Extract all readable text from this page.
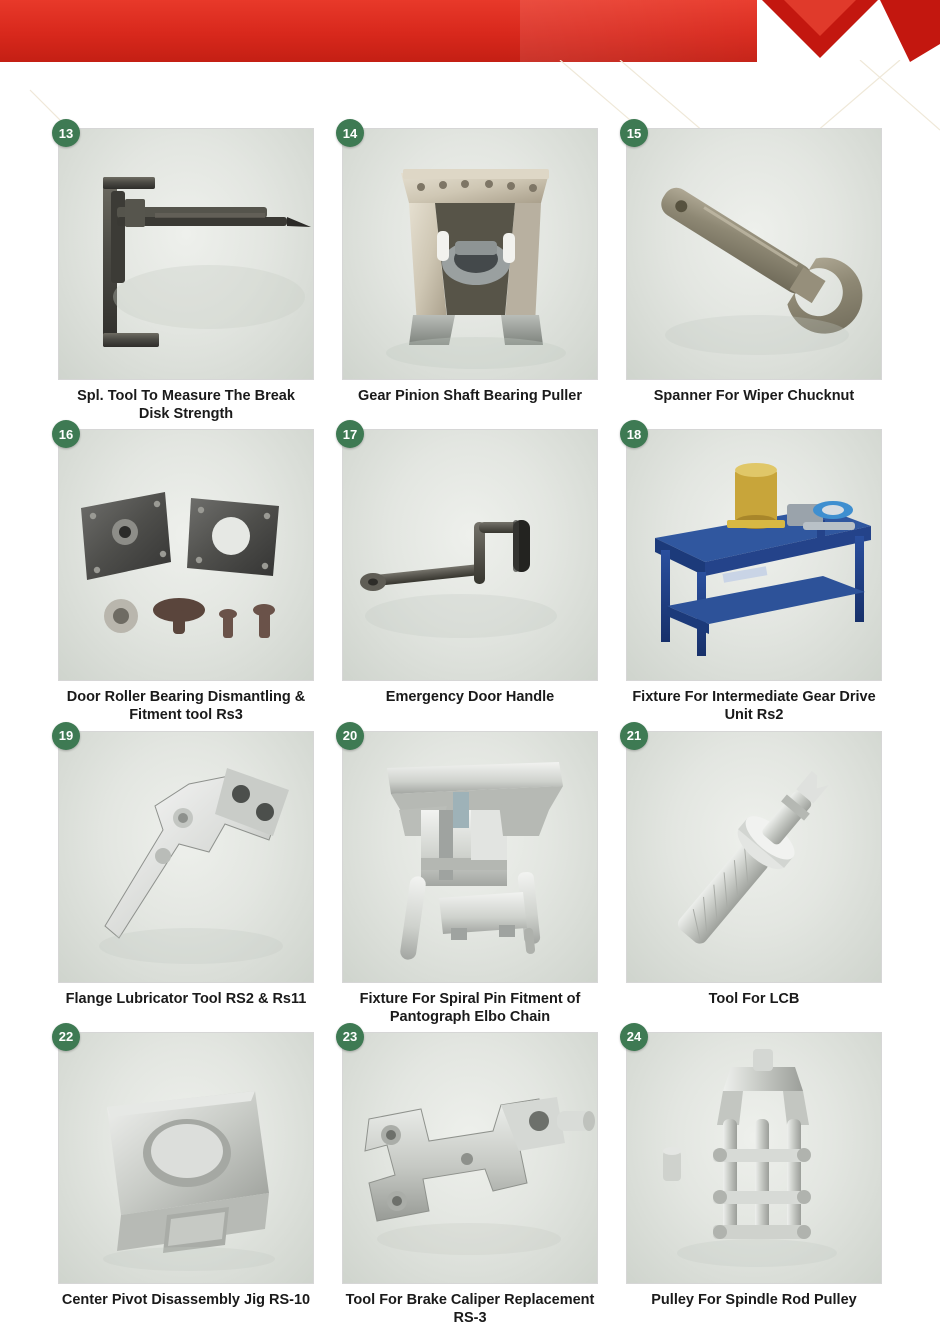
13
Spl. Tool To Measure The Break Disk Strength
14
Gear Pinion Shaft Bearing Puller
15
Spanner For Wiper Chucknut
16
Door Roller Bearing Dismantling & Fitment tool Rs3
17
Emergency Door Handle
18
Fixture For Intermediate Gear Drive Unit Rs2
19
Flange Lubricator Tool RS2 & Rs11
20
Fixture For Spiral Pin Fitment of Pantograph Elbo Chain
21
Tool For LCB
22
Center Pivot Disassembly Jig RS-10
23
Tool For Brake Caliper Replacement RS-3
24
Pulley For Spindle Rod Pulley
